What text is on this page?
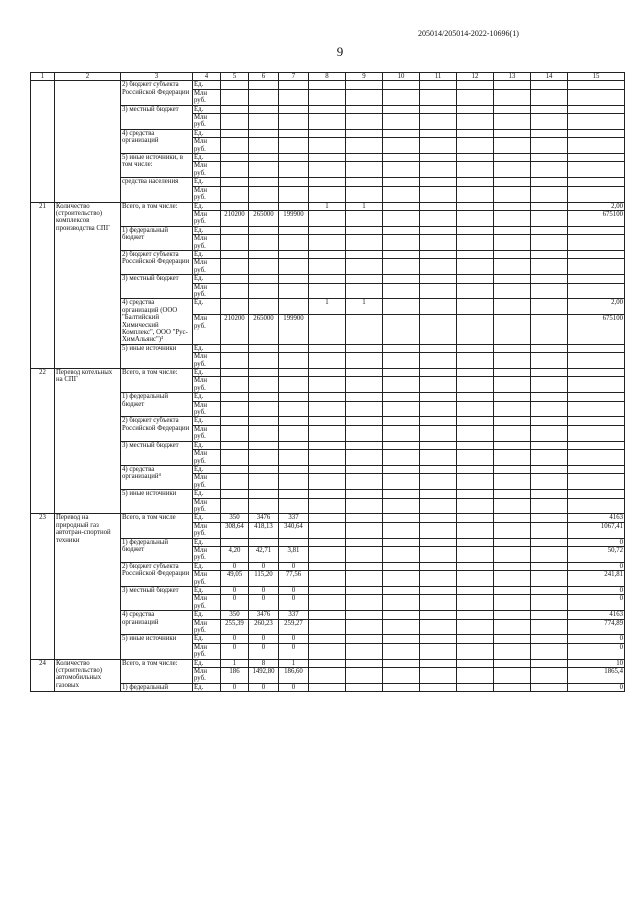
205014/205014-2022-10696(1)
9
1	2	3	4	5	6	7	8	9	10	11	12	13	14	15
		2) бюджет субъекта Российской Федерации	Ед.											
			Млн руб.											
		3) местный бюджет	Ед.											
			Млн руб.											
		4) средства организаций	Ед.											
			Млн руб.											
		5) иные источники, в том числе:	Ед.											
			Млн руб.											
		средства населения	Ед.											
			Млн руб.											
21	Количество (строительство) комплексов производства СПГ	Всего, в том числе:	Ед.				1	1						2,00
			Млн руб.	210200	265000	199900								675100
		1) федеральный бюджет	Ед.											
			Млн руб.											
		2) бюджет субъекта Российской Федерации	Ед.											
			Млн руб.											
		3) местный бюджет	Ед.											
			Млн руб.											
		4) средства организаций (ООО "Балтийский Химический Комплекс", ООО "Рус-ХимАльянс")³	Ед.				1	1						2,00
			Млн руб.	210200	265000	199900								675100
		5) иные источники	Ед.											
			Млн руб.											
22	Перевод котельных на СПГ	Всего, в том числе:	Ед.											
			Млн руб.											
		1) федеральный бюджет	Ед.											
			Млн руб.											
		2) бюджет субъекта Российской Федерации	Ед.											
			Млн руб.											
		3) местный бюджет	Ед.											
			Млн руб.											
		4) средства организаций⁴	Ед.											
			Млн руб.											
		5) иные источники	Ед.											
			Млн руб.											
23	Перевод на природный газ автотран-спортной техники	Всего, в том числе	Ед.	350	3476	337								4163
			Млн руб.	308,64	418,13	340,64								1067,41
		1) федеральный бюджет	Ед.											0
			Млн руб.	4,20	42,71	3,81								50,72
		2) бюджет субъекта Российской Федерации	Ед.	0	0	0								0
			Млн руб.	49,05	115,20	77,56								241,81
		3) местный бюджет	Ед.	0	0	0								0
			Млн руб.	0	0	0								0
		4) средства организаций	Ед.	350	3476	337								4163
			Млн руб.	255,39	260,23	259,27								774,89
		5) иные источники	Ед.	0	0	0								0
			Млн руб.	0	0	0								0
24	Количество (строительство) автомобильных газовых	Всего, в том числе:	Ед.	1	8	1								10
			Млн руб.	186	1492,80	186,60								1865,4
		1) федеральный	Ед.	0	0	0								0
